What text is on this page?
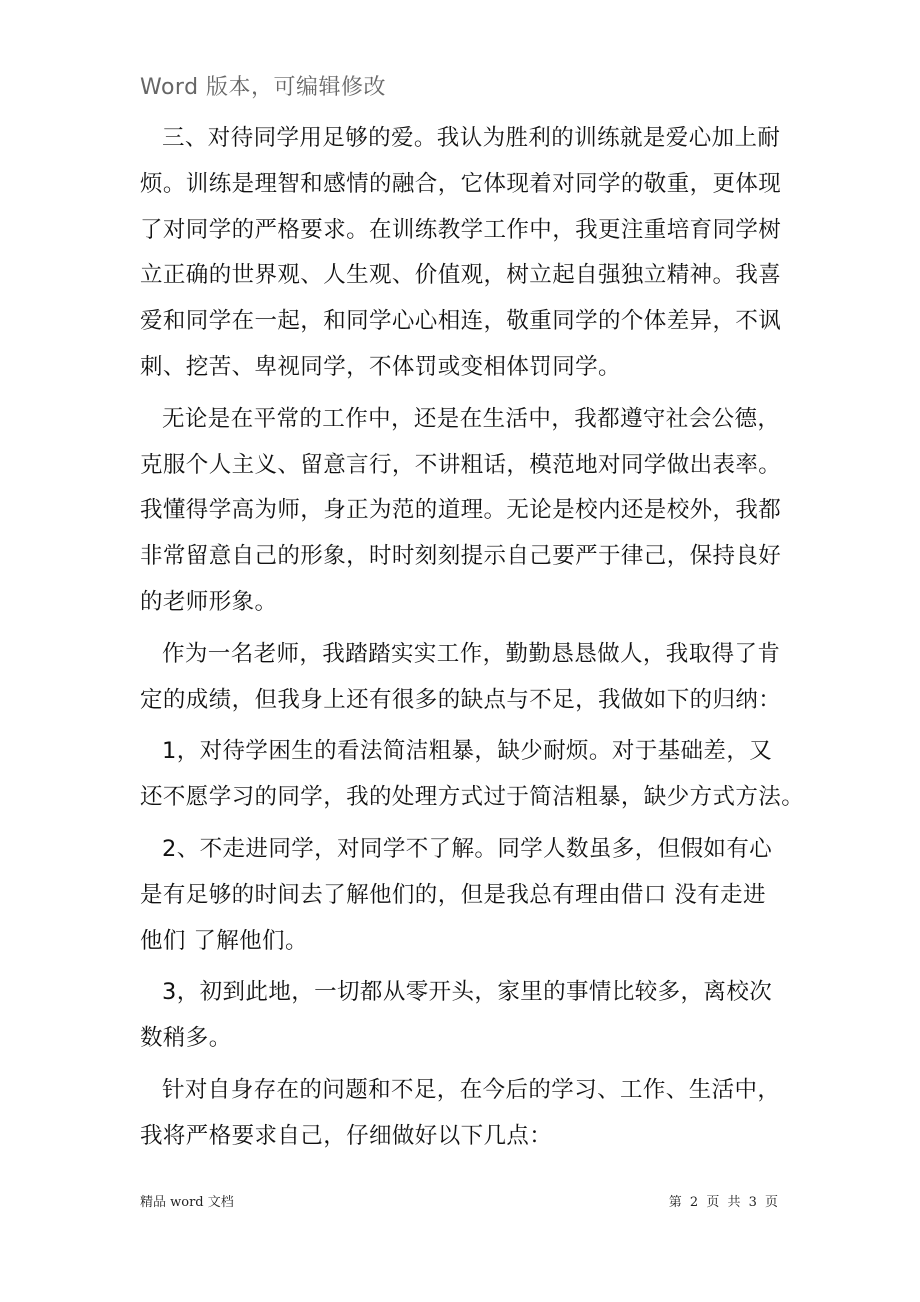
Word 版本，可编辑修改

三、对待同学用足够的爱。我认为胜利的训练就是爱心加上耐
烦。训练是理智和感情的融合，它体现着对同学的敬重，更体现
了对同学的严格要求。在训练教学工作中，我更注重培育同学树
立正确的世界观、人生观、价值观，树立起自强独立精神。我喜
爱和同学在一起，和同学心心相连，敬重同学的个体差异，不讽
刺、挖苦、卑视同学，不体罚或变相体罚同学。

无论是在平常的工作中，还是在生活中，我都遵守社会公德，
克服个人主义、留意言行，不讲粗话，模范地对同学做出表率。
我懂得学高为师，身正为范的道理。无论是校内还是校外，我都
非常留意自己的形象，时时刻刻提示自己要严于律己，保持良好
的老师形象。

作为一名老师，我踏踏实实工作，勤勤恳恳做人，我取得了肯
定的成绩，但我身上还有很多的缺点与不足，我做如下的归纳：

1，对待学困生的看法简洁粗暴，缺少耐烦。对于基础差，又
还不愿学习的同学，我的处理方式过于简洁粗暴，缺少方式方法。

2、不走进同学，对同学不了解。同学人数虽多，但假如有心
是有足够的时间去了解他们的，但是我总有理由借口 没有走进
他们 了解他们。

3，初到此地，一切都从零开头，家里的事情比较多，离校次
数稍多。

针对自身存在的问题和不足，在今后的学习、工作、生活中，
我将严格要求自己，仔细做好以下几点：

精品 word 文档	第 2 页 共 3 页
